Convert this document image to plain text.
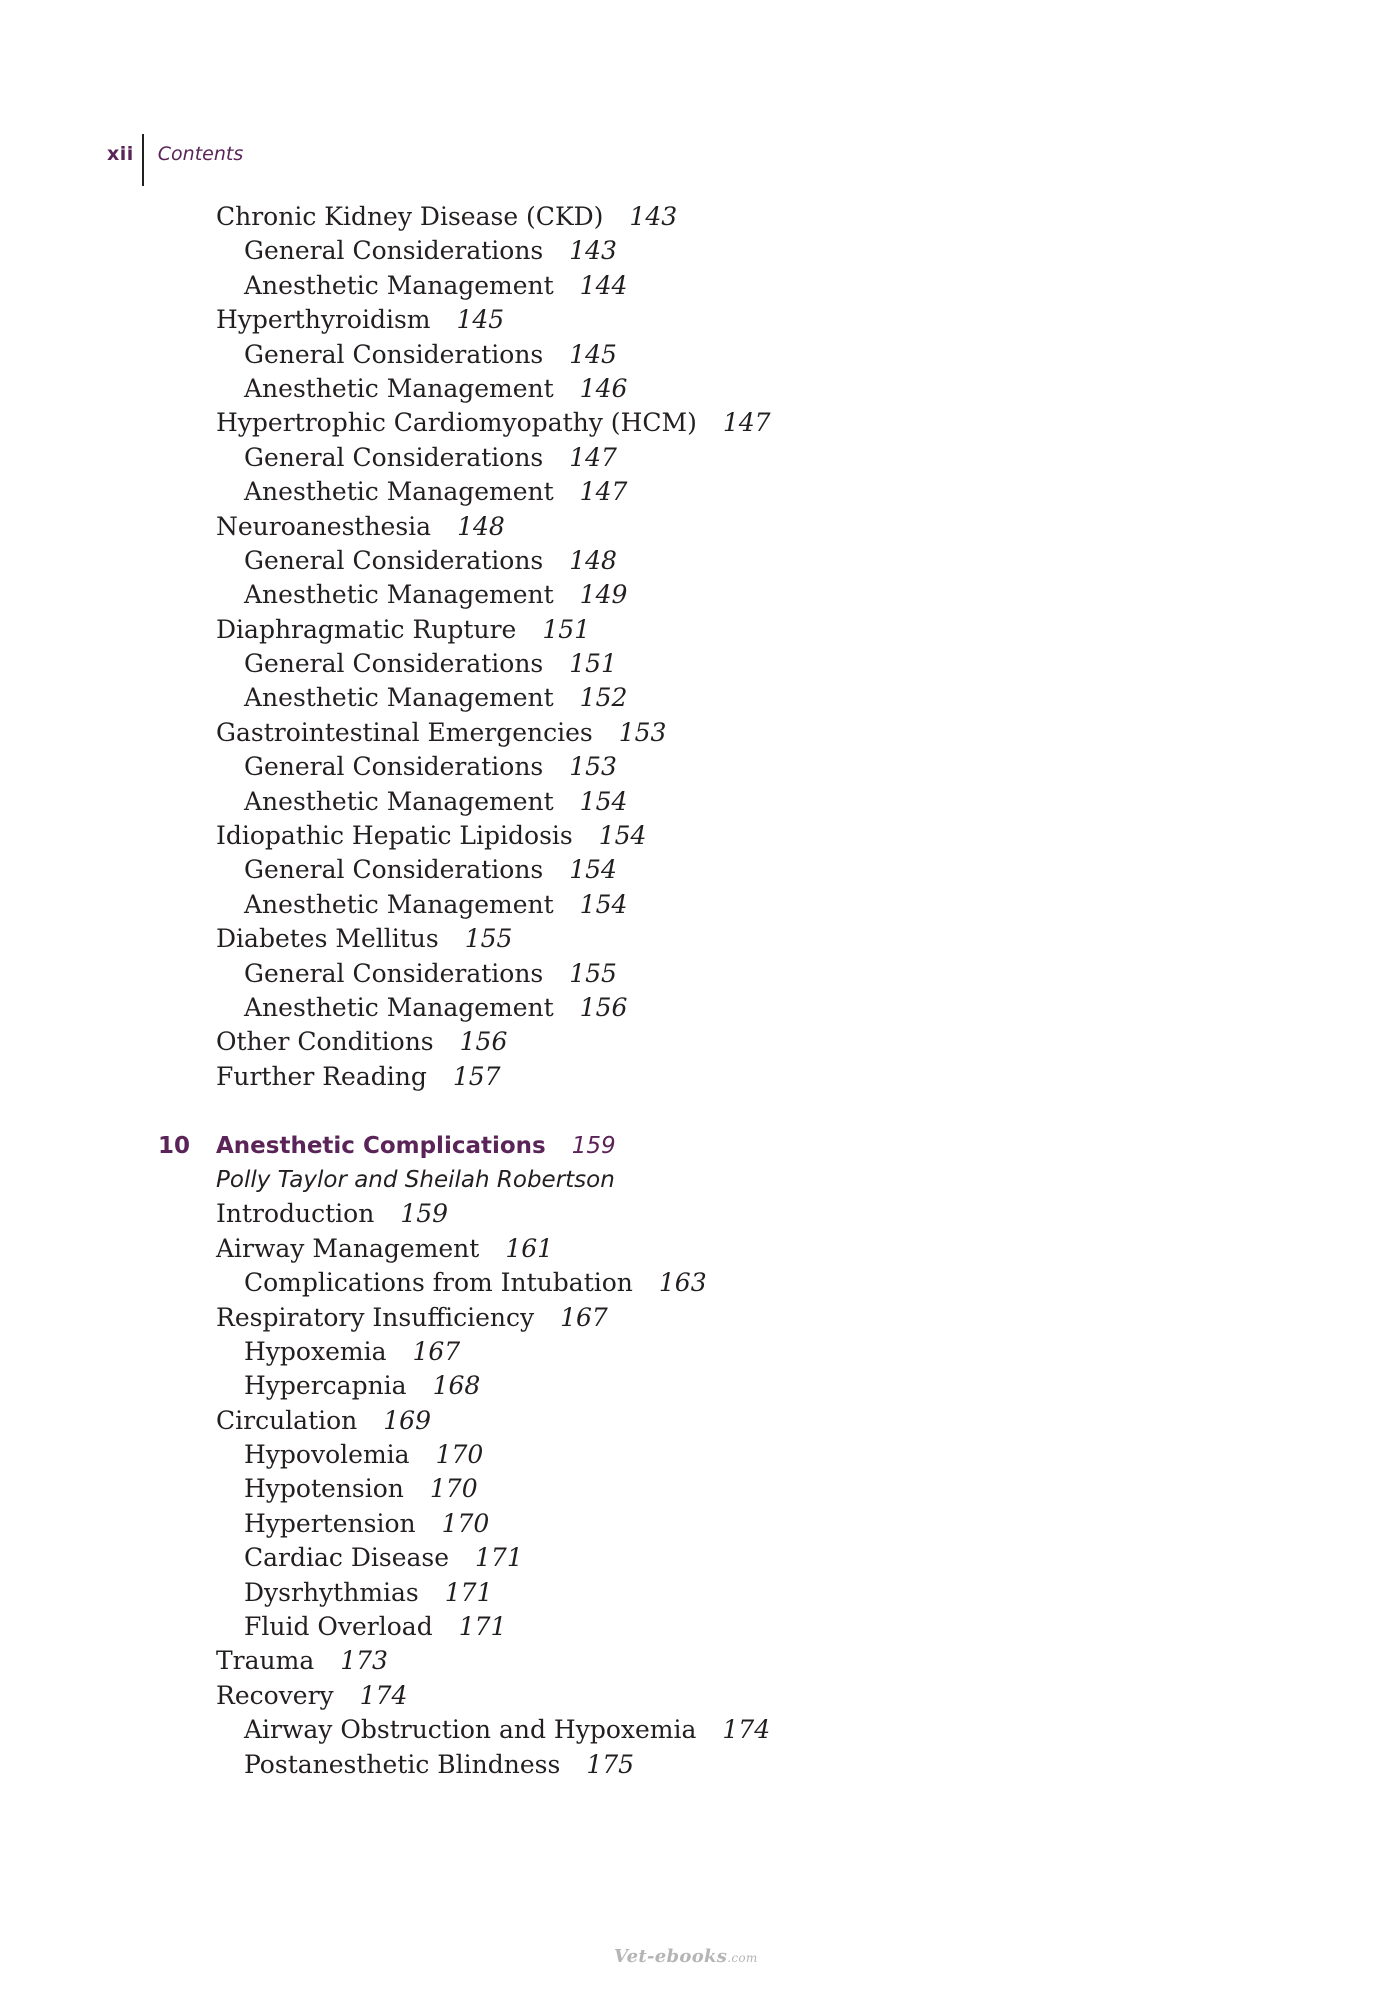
xii Contents
Chronic Kidney Disease (CKD) 143
General Considerations 143
Anesthetic Management 144
Hyperthyroidism 145
General Considerations 145
Anesthetic Management 146
Hypertrophic Cardiomyopathy (HCM) 147
General Considerations 147
Anesthetic Management 147
Neuroanesthesia 148
General Considerations 148
Anesthetic Management 149
Diaphragmatic Rupture 151
General Considerations 151
Anesthetic Management 152
Gastrointestinal Emergencies 153
General Considerations 153
Anesthetic Management 154
Idiopathic Hepatic Lipidosis 154
General Considerations 154
Anesthetic Management 154
Diabetes Mellitus 155
General Considerations 155
Anesthetic Management 156
Other Conditions 156
Further Reading 157
10 Anesthetic Complications 159
Polly Taylor and Sheilah Robertson
Introduction 159
Airway Management 161
Complications from Intubation 163
Respiratory Insufficiency 167
Hypoxemia 167
Hypercapnia 168
Circulation 169
Hypovolemia 170
Hypotension 170
Hypertension 170
Cardiac Disease 171
Dysrhythmias 171
Fluid Overload 171
Trauma 173
Recovery 174
Airway Obstruction and Hypoxemia 174
Postanesthetic Blindness 175
Vet-ebooks.com
